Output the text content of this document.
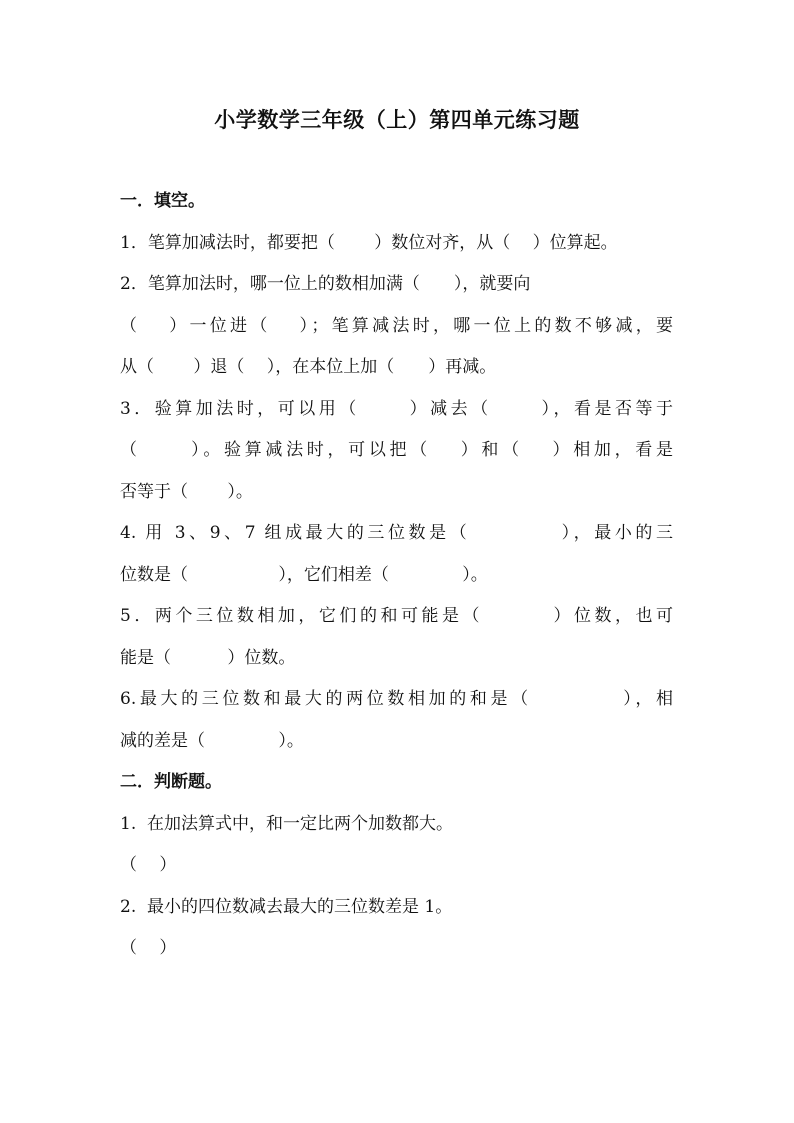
小学数学三年级（上）第四单元练习题
一．填空。
1．笔算加减法时，都要把（　　 ）数位对齐，从（　 ）位算起。
2．笔算加法时，哪一位上的数相加满（　　），就要向
（　 ）一位进（　 ）；笔算减法时，哪一位上的数不够减，要
从（　　 ）退（　 ），在本位上加（　　）再减。
3．验算加法时，可以用（　　 ）减去（　　 ），看是否等于
（　　 ）。验算减法时，可以把（　 ）和（　 ）相加，看是
否等于（　　 ）。
4. 用 3、9、7 组成最大的三位数是（　　　　 ），最小的三
位数是（　　　　　 ），它们相差（　　　　 ）。
5．两个三位数相加，它们的和可能是（　　　 ）位数，也可
能是（　　　 ）位数。
6.最大的三位数和最大的两位数相加的和是（　　　　 ），相
减的差是（　　　　 ）。
二．判断题。
1.  在加法算式中，和一定比两个加数都大。
（　 ）
2.  最小的四位数减去最大的三位数差是 1。
（　 ）
